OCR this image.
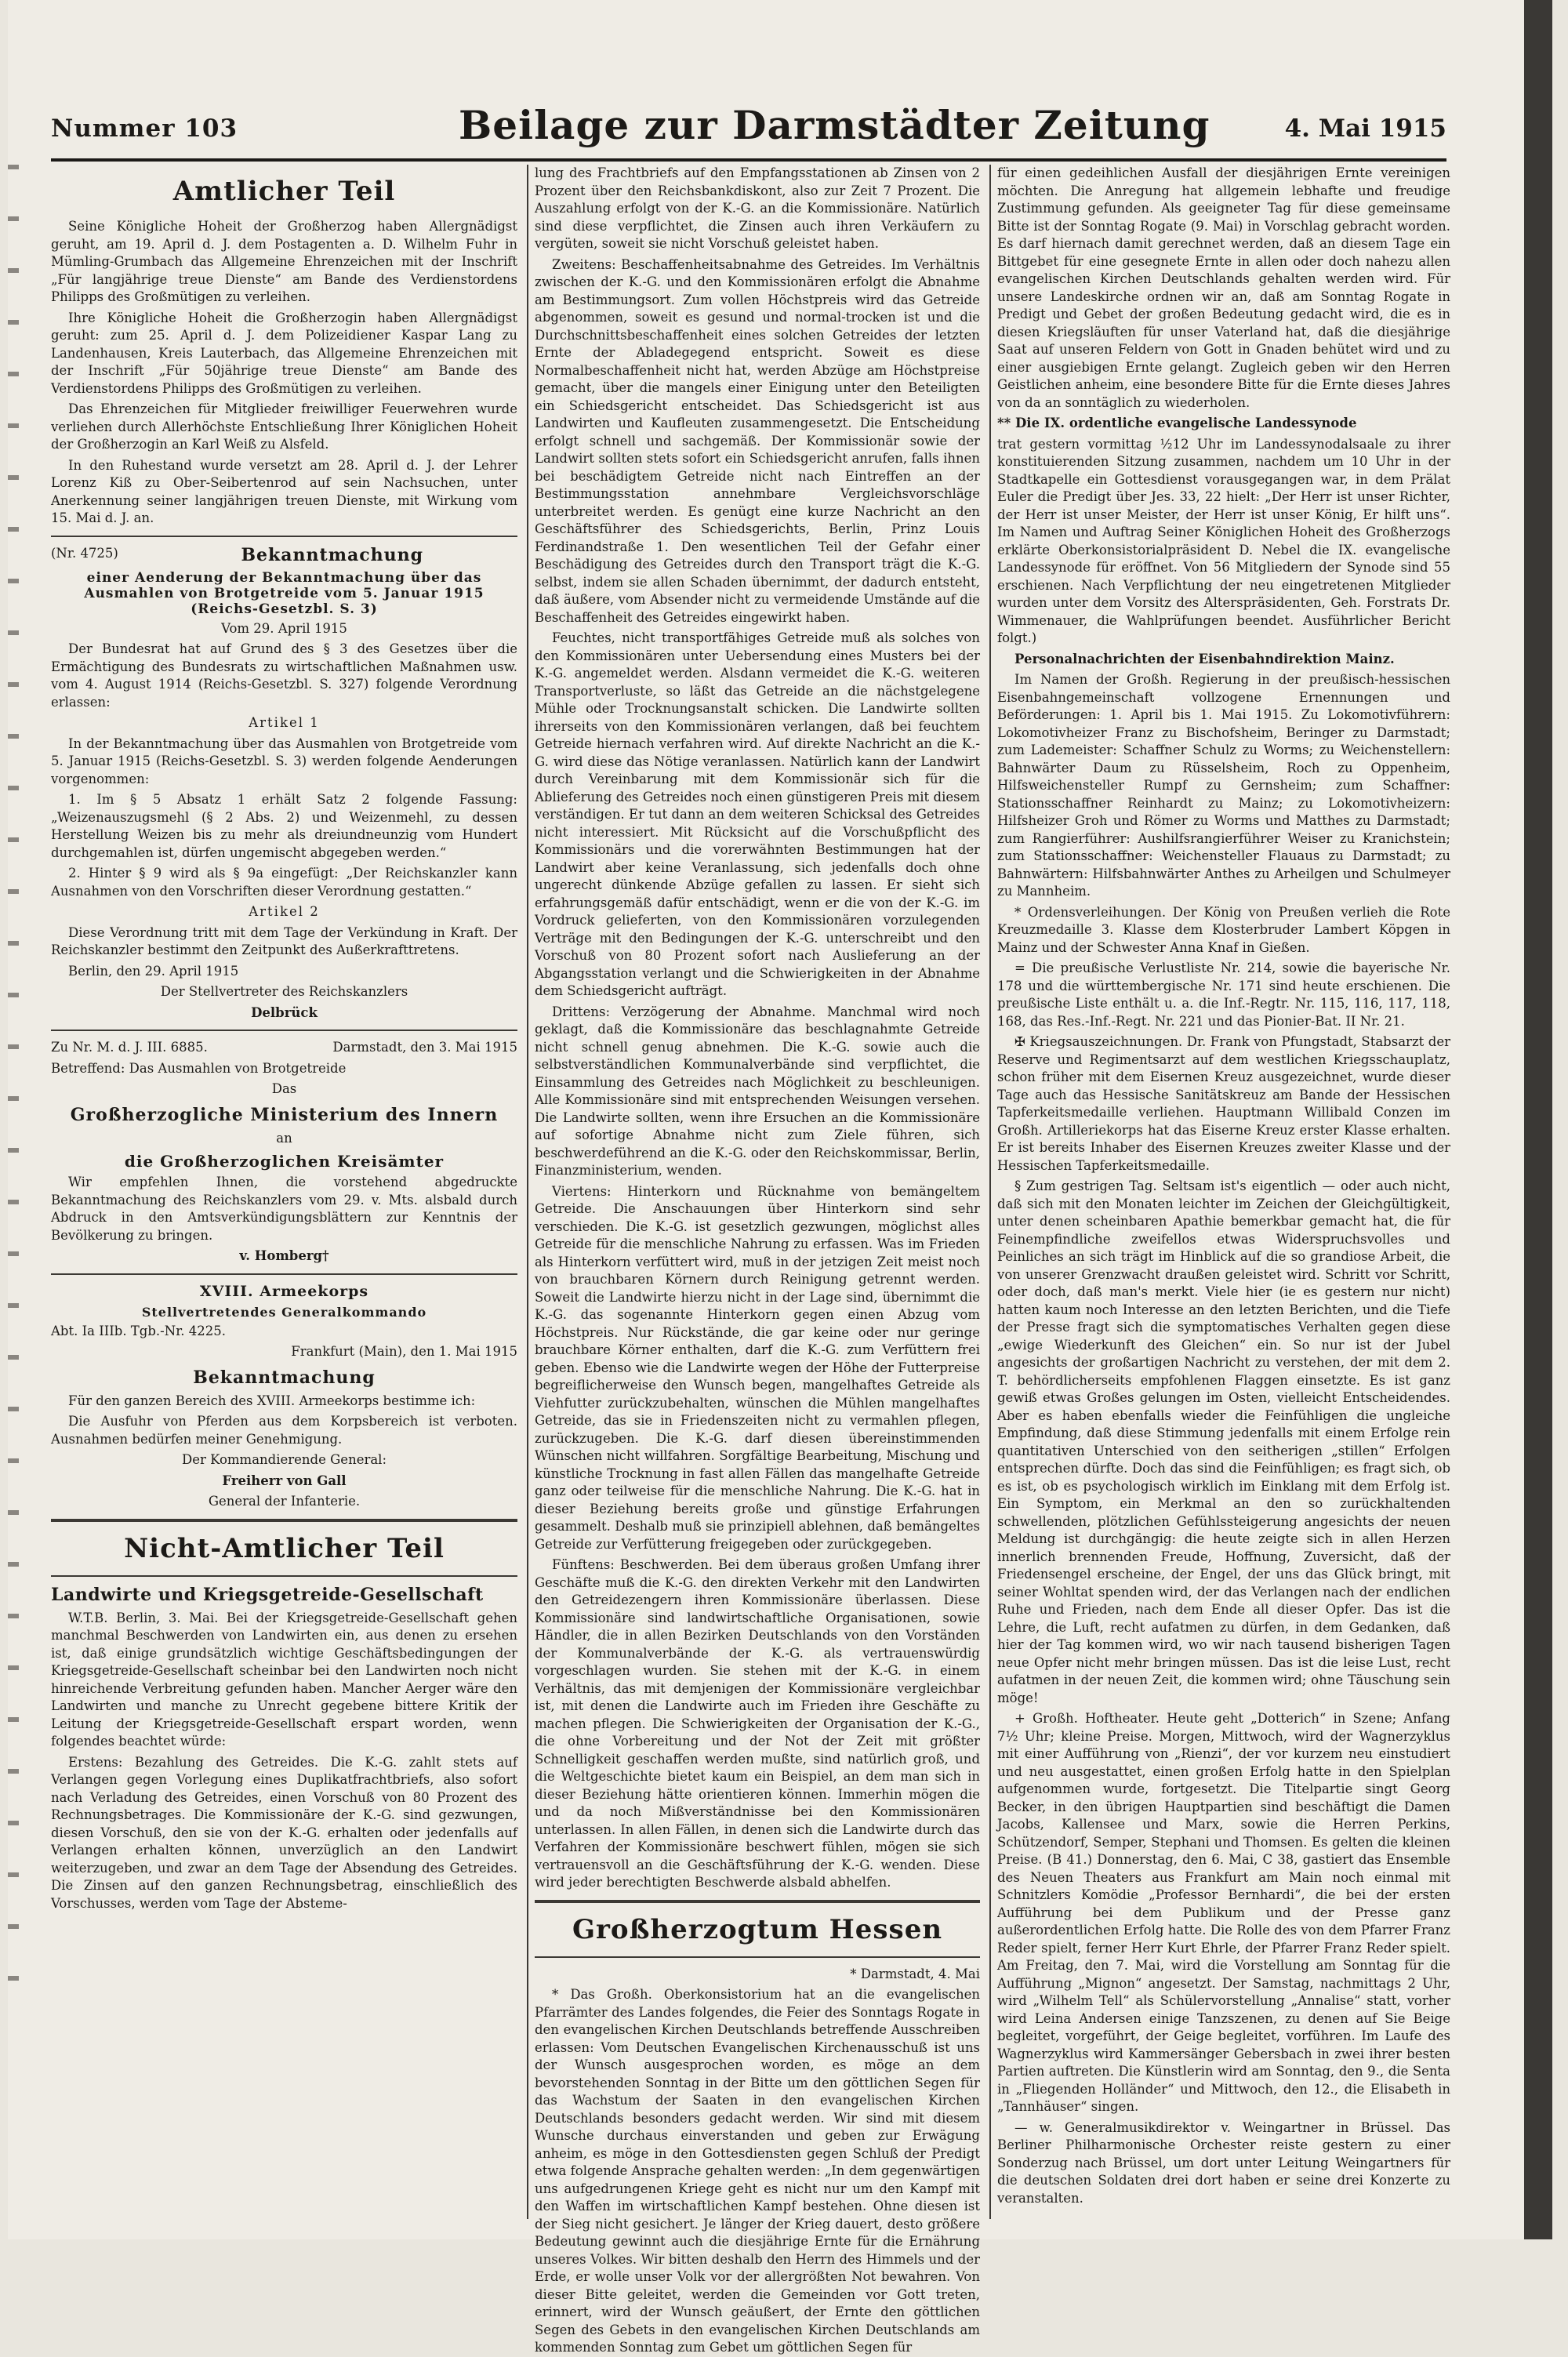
Nummer 103	Beilage zur Darmstädter Zeitung	4. Mai 1915
Amtlicher Teil

Seine Königliche Hoheit der Großherzog haben Allergnädigst geruht, am 19. April d. J. dem Postagenten a. D. Wilhelm Fuhr in Mümling-Grumbach das Allgemeine Ehrenzeichen mit der Inschrift „Für langjährige treue Dienste“ am Bande des Verdienstordens Philipps des Großmütigen zu verleihen.

Ihre Königliche Hoheit die Großherzogin haben Allergnädigst geruht: zum 25. April d. J. dem Polizeidiener Kaspar Lang zu Landenhausen, Kreis Lauterbach, das Allgemeine Ehrenzeichen mit der Inschrift „Für 50jährige treue Dienste“ am Bande des Verdienstordens Philipps des Großmütigen zu verleihen.

Das Ehrenzeichen für Mitglieder freiwilliger Feuerwehren wurde verliehen durch Allerhöchste Entschließung Ihrer Königlichen Hoheit der Großherzogin an Karl Weiß zu Alsfeld.

In den Ruhestand wurde versetzt am 28. April d. J. der Lehrer Lorenz Kiß zu Ober-Seibertenrod auf sein Nachsuchen, unter Anerkennung seiner langjährigen treuen Dienste, mit Wirkung vom 15. Mai d. J. an.

(Nr. 4725)	Bekanntmachung
einer Aenderung der Bekanntmachung über das Ausmahlen von Brotgetreide vom 5. Januar 1915 (Reichs-Gesetzbl. S. 3)

Vom 29. April 1915

Der Bundesrat hat auf Grund des § 3 des Gesetzes über die Ermächtigung des Bundesrats zu wirtschaftlichen Maßnahmen usw. vom 4. August 1914 (Reichs-Gesetzbl. S. 327) folgende Verordnung erlassen:

Artikel 1

In der Bekanntmachung über das Ausmahlen von Brotgetreide vom 5. Januar 1915 (Reichs-Gesetzbl. S. 3) werden folgende Aenderungen vorgenommen:

1. Im § 5 Absatz 1 erhält Satz 2 folgende Fassung: „Weizenauszugsmehl (§ 2 Abs. 2) und Weizenmehl, zu dessen Herstellung Weizen bis zu mehr als dreiundneunzig vom Hundert durchgemahlen ist, dürfen ungemischt abgegeben werden.“

2. Hinter § 9 wird als § 9a eingefügt: „Der Reichskanzler kann Ausnahmen von den Vorschriften dieser Verordnung gestatten.“

Artikel 2

Diese Verordnung tritt mit dem Tage der Verkündung in Kraft. Der Reichskanzler bestimmt den Zeitpunkt des Außerkrafttretens.

Berlin, den 29. April 1915

Der Stellvertreter des Reichskanzlers

Delbrück

Zu Nr. M. d. J. III. 6885.	Darmstadt, den 3. Mai 1915

Betreffend: Das Ausmahlen von Brotgetreide

Das

Großherzogliche Ministerium des Innern

an

die Großherzoglichen Kreisämter

Wir empfehlen Ihnen, die vorstehend abgedruckte Bekanntmachung des Reichskanzlers vom 29. v. Mts. alsbald durch Abdruck in den Amtsverkündigungsblättern zur Kenntnis der Bevölkerung zu bringen.

v. Homberg†

XVIII. Armeekorps
Stellvertretendes Generalkommando

Abt. Ia IIIb. Tgb.-Nr. 4225.

Frankfurt (Main), den 1. Mai 1915

Bekanntmachung

Für den ganzen Bereich des XVIII. Armeekorps bestimme ich:

Die Ausfuhr von Pferden aus dem Korpsbereich ist verboten. Ausnahmen bedürfen meiner Genehmigung.

Der Kommandierende General:

Freiherr von Gall

General der Infanterie.

Nicht-Amtlicher Teil
Landwirte und Kriegsgetreide-Gesellschaft

W.T.B. Berlin, 3. Mai. Bei der Kriegsgetreide-Gesellschaft gehen manchmal Beschwerden von Landwirten ein, aus denen zu ersehen ist, daß einige grundsätzlich wichtige Geschäftsbedingungen der Kriegsgetreide-Gesellschaft scheinbar bei den Landwirten noch nicht hinreichende Verbreitung gefunden haben. Mancher Aerger wäre den Landwirten und manche zu Unrecht gegebene bittere Kritik der Leitung der Kriegsgetreide-Gesellschaft erspart worden, wenn folgendes beachtet würde:

Erstens: Bezahlung des Getreides. Die K.-G. zahlt stets auf Verlangen gegen Vorlegung eines Duplikatfrachtbriefs, also sofort nach Verladung des Getreides, einen Vorschuß von 80 Prozent des Rechnungsbetrages. Die Kommissionäre der K.-G. sind gezwungen, diesen Vorschuß, den sie von der K.-G. erhalten oder jedenfalls auf Verlangen erhalten können, unverzüglich an den Landwirt weiterzugeben, und zwar an dem Tage der Absendung des Getreides. Die Zinsen auf den ganzen Rechnungsbetrag, einschließlich des Vorschusses, werden vom Tage der Absteme-

lung des Frachtbriefs auf den Empfangsstationen ab Zinsen von 2 Prozent über den Reichsbankdiskont, also zur Zeit 7 Prozent. Die Auszahlung erfolgt von der K.-G. an die Kommissionäre. Natürlich sind diese verpflichtet, die Zinsen auch ihren Verkäufern zu vergüten, soweit sie nicht Vorschuß geleistet haben.

Zweitens: Beschaffenheitsabnahme des Getreides. Im Verhältnis zwischen der K.-G. und den Kommissionären erfolgt die Abnahme am Bestimmungsort. Zum vollen Höchstpreis wird das Getreide abgenommen, soweit es gesund und normal-trocken ist und die Durchschnittsbeschaffenheit eines solchen Getreides der letzten Ernte der Abladegegend entspricht. Soweit es diese Normalbeschaffenheit nicht hat, werden Abzüge am Höchstpreise gemacht, über die mangels einer Einigung unter den Beteiligten ein Schiedsgericht entscheidet. Das Schiedsgericht ist aus Landwirten und Kaufleuten zusammengesetzt. Die Entscheidung erfolgt schnell und sachgemäß. Der Kommissionär sowie der Landwirt sollten stets sofort ein Schiedsgericht anrufen, falls ihnen bei beschädigtem Getreide nicht nach Eintreffen an der Bestimmungsstation annehmbare Vergleichsvorschläge unterbreitet werden. Es genügt eine kurze Nachricht an den Geschäftsführer des Schiedsgerichts, Berlin, Prinz Louis Ferdinandstraße 1. Den wesentlichen Teil der Gefahr einer Beschädigung des Getreides durch den Transport trägt die K.-G. selbst, indem sie allen Schaden übernimmt, der dadurch entsteht, daß äußere, vom Absender nicht zu vermeidende Umstände auf die Beschaffenheit des Getreides eingewirkt haben.

Feuchtes, nicht transportfähiges Getreide muß als solches von den Kommissionären unter Uebersendung eines Musters bei der K.-G. angemeldet werden. Alsdann vermeidet die K.-G. weiteren Transportverluste, so läßt das Getreide an die nächstgelegene Mühle oder Trocknungsanstalt schicken. Die Landwirte sollten ihrerseits von den Kommissionären verlangen, daß bei feuchtem Getreide hiernach verfahren wird. Auf direkte Nachricht an die K.-G. wird diese das Nötige veranlassen. Natürlich kann der Landwirt durch Vereinbarung mit dem Kommissionär sich für die Ablieferung des Getreides noch einen günstigeren Preis mit diesem verständigen. Er tut dann an dem weiteren Schicksal des Getreides nicht interessiert. Mit Rücksicht auf die Vorschußpflicht des Kommissionärs und die vorerwähnten Bestimmungen hat der Landwirt aber keine Veranlassung, sich jedenfalls doch ohne ungerecht dünkende Abzüge gefallen zu lassen. Er sieht sich erfahrungsgemäß dafür entschädigt, wenn er die von der K.-G. im Vordruck gelieferten, von den Kommissionären vorzulegenden Verträge mit den Bedingungen der K.-G. unterschreibt und den Vorschuß von 80 Prozent sofort nach Auslieferung an der Abgangsstation verlangt und die Schwierigkeiten in der Abnahme dem Schiedsgericht aufträgt.

Drittens: Verzögerung der Abnahme. Manchmal wird noch geklagt, daß die Kommissionäre das beschlagnahmte Getreide nicht schnell genug abnehmen. Die K.-G. sowie auch die selbstverständlichen Kommunalverbände sind verpflichtet, die Einsammlung des Getreides nach Möglichkeit zu beschleunigen. Alle Kommissionäre sind mit entsprechenden Weisungen versehen. Die Landwirte sollten, wenn ihre Ersuchen an die Kommissionäre auf sofortige Abnahme nicht zum Ziele führen, sich beschwerdeführend an die K.-G. oder den Reichskommissar, Berlin, Finanzministerium, wenden.

Viertens: Hinterkorn und Rücknahme von bemängeltem Getreide. Die Anschauungen über Hinterkorn sind sehr verschieden. Die K.-G. ist gesetzlich gezwungen, möglichst alles Getreide für die menschliche Nahrung zu erfassen. Was im Frieden als Hinterkorn verfüttert wird, muß in der jetzigen Zeit meist noch von brauchbaren Körnern durch Reinigung getrennt werden. Soweit die Landwirte hierzu nicht in der Lage sind, übernimmt die K.-G. das sogenannte Hinterkorn gegen einen Abzug vom Höchstpreis. Nur Rückstände, die gar keine oder nur geringe brauchbare Körner enthalten, darf die K.-G. zum Verfüttern frei geben. Ebenso wie die Landwirte wegen der Höhe der Futterpreise begreiflicherweise den Wunsch begen, mangelhaftes Getreide als Viehfutter zurückzubehalten, wünschen die Mühlen mangelhaftes Getreide, das sie in Friedenszeiten nicht zu vermahlen pflegen, zurückzugeben. Die K.-G. darf diesen übereinstimmenden Wünschen nicht willfahren. Sorgfältige Bearbeitung, Mischung und künstliche Trocknung in fast allen Fällen das mangelhafte Getreide ganz oder teilweise für die menschliche Nahrung. Die K.-G. hat in dieser Beziehung bereits große und günstige Erfahrungen gesammelt. Deshalb muß sie prinzipiell ablehnen, daß bemängeltes Getreide zur Verfütterung freigegeben oder zurückgegeben.

Fünftens: Beschwerden. Bei dem überaus großen Umfang ihrer Geschäfte muß die K.-G. den direkten Verkehr mit den Landwirten den Getreidezengern ihren Kommissionäre überlassen. Diese Kommissionäre sind landwirtschaftliche Organisationen, sowie Händler, die in allen Bezirken Deutschlands von den Vorständen der Kommunalverbände der K.-G. als vertrauenswürdig vorgeschlagen wurden. Sie stehen mit der K.-G. in einem Verhältnis, das mit demjenigen der Kommissionäre vergleichbar ist, mit denen die Landwirte auch im Frieden ihre Geschäfte zu machen pflegen. Die Schwierigkeiten der Organisation der K.-G., die ohne Vorbereitung und der Not der Zeit mit größter Schnelligkeit geschaffen werden mußte, sind natürlich groß, und die Weltgeschichte bietet kaum ein Beispiel, an dem man sich in dieser Beziehung hätte orientieren können. Immerhin mögen die und da noch Mißverständnisse bei den Kommissionären unterlassen. In allen Fällen, in denen sich die Landwirte durch das Verfahren der Kommissionäre beschwert fühlen, mögen sie sich vertrauensvoll an die Geschäftsführung der K.-G. wenden. Diese wird jeder berechtigten Beschwerde alsbald abhelfen.

Großherzogtum Hessen

* Darmstadt, 4. Mai

* Das Großh. Oberkonsistorium hat an die evangelischen Pfarrämter des Landes folgendes, die Feier des Sonntags Rogate in den evangelischen Kirchen Deutschlands betreffende Ausschreiben erlassen: Vom Deutschen Evangelischen Kirchenausschuß ist uns der Wunsch ausgesprochen worden, es möge an dem bevorstehenden Sonntag in der Bitte um den göttlichen Segen für das Wachstum der Saaten in den evangelischen Kirchen Deutschlands besonders gedacht werden. Wir sind mit diesem Wunsche durchaus einverstanden und geben zur Erwägung anheim, es möge in den Gottesdiensten gegen Schluß der Predigt etwa folgende Ansprache gehalten werden: „In dem gegenwärtigen uns aufgedrungenen Kriege geht es nicht nur um den Kampf mit den Waffen im wirtschaftlichen Kampf bestehen. Ohne diesen ist der Sieg nicht gesichert. Je länger der Krieg dauert, desto größere Bedeutung gewinnt auch die diesjährige Ernte für die Ernährung unseres Volkes. Wir bitten deshalb den Herrn des Himmels und der Erde, er wolle unser Volk vor der allergrößten Not bewahren. Von dieser Bitte geleitet, werden die Gemeinden vor Gott treten, erinnert, wird der Wunsch geäußert, der Ernte den göttlichen Segen des Gebets in den evangelischen Kirchen Deutschlands am kommenden Sonntag zum Gebet um göttlichen Segen für

für einen gedeihlichen Ausfall der diesjährigen Ernte vereinigen möchten. Die Anregung hat allgemein lebhafte und freudige Zustimmung gefunden. Als geeigneter Tag für diese gemeinsame Bitte ist der Sonntag Rogate (9. Mai) in Vorschlag gebracht worden. Es darf hiernach damit gerechnet werden, daß an diesem Tage ein Bittgebet für eine gesegnete Ernte in allen oder doch nahezu allen evangelischen Kirchen Deutschlands gehalten werden wird. Für unsere Landeskirche ordnen wir an, daß am Sonntag Rogate in Predigt und Gebet der großen Bedeutung gedacht wird, die es in diesen Kriegsläuften für unser Vaterland hat, daß die diesjährige Saat auf unseren Feldern von Gott in Gnaden behütet wird und zu einer ausgiebigen Ernte gelangt. Zugleich geben wir den Herren Geistlichen anheim, eine besondere Bitte für die Ernte dieses Jahres von da an sonntäglich zu wiederholen.

** Die IX. ordentliche evangelische Landessynode

trat gestern vormittag ½12 Uhr im Landessynodalsaale zu ihrer konstituierenden Sitzung zusammen, nachdem um 10 Uhr in der Stadtkapelle ein Gottesdienst vorausgegangen war, in dem Prälat Euler die Predigt über Jes. 33, 22 hielt: „Der Herr ist unser Richter, der Herr ist unser Meister, der Herr ist unser König, Er hilft uns“. Im Namen und Auftrag Seiner Königlichen Hoheit des Großherzogs erklärte Oberkonsistorialpräsident D. Nebel die IX. evangelische Landessynode für eröffnet. Von 56 Mitgliedern der Synode sind 55 erschienen. Nach Verpflichtung der neu eingetretenen Mitglieder wurden unter dem Vorsitz des Alterspräsidenten, Geh. Forstrats Dr. Wimmenauer, die Wahlprüfungen beendet. Ausführlicher Bericht folgt.)

Personalnachrichten der Eisenbahndirektion Mainz.

Im Namen der Großh. Regierung in der preußisch-hessischen Eisenbahngemeinschaft vollzogene Ernennungen und Beförderungen: 1. April bis 1. Mai 1915. Zu Lokomotivführern: Lokomotivheizer Franz zu Bischofsheim, Beringer zu Darmstadt; zum Lademeister: Schaffner Schulz zu Worms; zu Weichenstellern: Bahnwärter Daum zu Rüsselsheim, Roch zu Oppenheim, Hilfsweichensteller Rumpf zu Gernsheim; zum Schaffner: Stationsschaffner Reinhardt zu Mainz; zu Lokomotivheizern: Hilfsheizer Groh und Römer zu Worms und Matthes zu Darmstadt; zum Rangierführer: Aushilfsrangierführer Weiser zu Kranichstein; zum Stationsschaffner: Weichensteller Flauaus zu Darmstadt; zu Bahnwärtern: Hilfsbahnwärter Anthes zu Arheilgen und Schulmeyer zu Mannheim.

* Ordensverleihungen. Der König von Preußen verlieh die Rote Kreuzmedaille 3. Klasse dem Klosterbruder Lambert Köpgen in Mainz und der Schwester Anna Knaf in Gießen.

= Die preußische Verlustliste Nr. 214, sowie die bayerische Nr. 178 und die württembergische Nr. 171 sind heute erschienen. Die preußische Liste enthält u. a. die Inf.-Regtr. Nr. 115, 116, 117, 118, 168, das Res.-Inf.-Regt. Nr. 221 und das Pionier-Bat. II Nr. 21.

✠ Kriegsauszeichnungen. Dr. Frank von Pfungstadt, Stabsarzt der Reserve und Regimentsarzt auf dem westlichen Kriegsschauplatz, schon früher mit dem Eisernen Kreuz ausgezeichnet, wurde dieser Tage auch das Hessische Sanitätskreuz am Bande der Hessischen Tapferkeitsmedaille verliehen. Hauptmann Willibald Conzen im Großh. Artilleriekorps hat das Eiserne Kreuz erster Klasse erhalten. Er ist bereits Inhaber des Eisernen Kreuzes zweiter Klasse und der Hessischen Tapferkeitsmedaille.

§ Zum gestrigen Tag. Seltsam ist's eigentlich — oder auch nicht, daß sich mit den Monaten leichter im Zeichen der Gleichgültigkeit, unter denen scheinbaren Apathie bemerkbar gemacht hat, die für Feinempfindliche zweifellos etwas Widerspruchsvolles und Peinliches an sich trägt im Hinblick auf die so grandiose Arbeit, die von unserer Grenzwacht draußen geleistet wird. Schritt vor Schritt, oder doch, daß man's merkt. Viele hier (ie es gestern nur nicht) hatten kaum noch Interesse an den letzten Berichten, und die Tiefe der Presse fragt sich die symptomatisches Verhalten gegen diese „ewige Wiederkunft des Gleichen“ ein. So nur ist der Jubel angesichts der großartigen Nachricht zu verstehen, der mit dem 2. T. behördlicherseits empfohlenen Flaggen einsetzte. Es ist ganz gewiß etwas Großes gelungen im Osten, vielleicht Entscheidendes. Aber es haben ebenfalls wieder die Feinfühligen die ungleiche Empfindung, daß diese Stimmung jedenfalls mit einem Erfolge rein quantitativen Unterschied von den seitherigen „stillen“ Erfolgen entsprechen dürfte. Doch das sind die Feinfühligen; es fragt sich, ob es ist, ob es psychologisch wirklich im Einklang mit dem Erfolg ist. Ein Symptom, ein Merkmal an den so zurückhaltenden schwellenden, plötzlichen Gefühlssteigerung angesichts der neuen Meldung ist durchgängig: die heute zeigte sich in allen Herzen innerlich brennenden Freude, Hoffnung, Zuversicht, daß der Friedensengel erscheine, der Engel, der uns das Glück bringt, mit seiner Wohltat spenden wird, der das Verlangen nach der endlichen Ruhe und Frieden, nach dem Ende all dieser Opfer. Das ist die Lehre, die Luft, recht aufatmen zu dürfen, in dem Gedanken, daß hier der Tag kommen wird, wo wir nach tausend bisherigen Tagen neue Opfer nicht mehr bringen müssen. Das ist die leise Lust, recht aufatmen in der neuen Zeit, die kommen wird; ohne Täuschung sein möge!

+ Großh. Hoftheater. Heute geht „Dotterich“ in Szene; Anfang 7½ Uhr; kleine Preise. Morgen, Mittwoch, wird der Wagnerzyklus mit einer Aufführung von „Rienzi“, der vor kurzem neu einstudiert und neu ausgestattet, einen großen Erfolg hatte in den Spielplan aufgenommen wurde, fortgesetzt. Die Titelpartie singt Georg Becker, in den übrigen Hauptpartien sind beschäftigt die Damen Jacobs, Kallensee und Marx, sowie die Herren Perkins, Schützendorf, Semper, Stephani und Thomsen. Es gelten die kleinen Preise. (B 41.) Donnerstag, den 6. Mai, C 38, gastiert das Ensemble des Neuen Theaters aus Frankfurt am Main noch einmal mit Schnitzlers Komödie „Professor Bernhardi“, die bei der ersten Aufführung bei dem Publikum und der Presse ganz außerordentlichen Erfolg hatte. Die Rolle des von dem Pfarrer Franz Reder spielt, ferner Herr Kurt Ehrle, der Pfarrer Franz Reder spielt. Am Freitag, den 7. Mai, wird die Vorstellung am Sonntag für die Aufführung „Mignon“ angesetzt. Der Samstag, nachmittags 2 Uhr, wird „Wilhelm Tell“ als Schülervorstellung „Annalise“ statt, vorher wird Leina Andersen einige Tanzszenen, zu denen auf Sie Beige begleitet, vorgeführt, der Geige begleitet, vorführen. Im Laufe des Wagnerzyklus wird Kammersänger Gebersbach in zwei ihrer besten Partien auftreten. Die Künstlerin wird am Sonntag, den 9., die Senta in „Fliegenden Holländer“ und Mittwoch, den 12., die Elisabeth in „Tannhäuser“ singen.

— w. Generalmusikdirektor v. Weingartner in Brüssel. Das Berliner Philharmonische Orchester reiste gestern zu einer Sonderzug nach Brüssel, um dort unter Leitung Weingartners für die deutschen Soldaten drei dort haben er seine drei Konzerte zu veranstalten.
